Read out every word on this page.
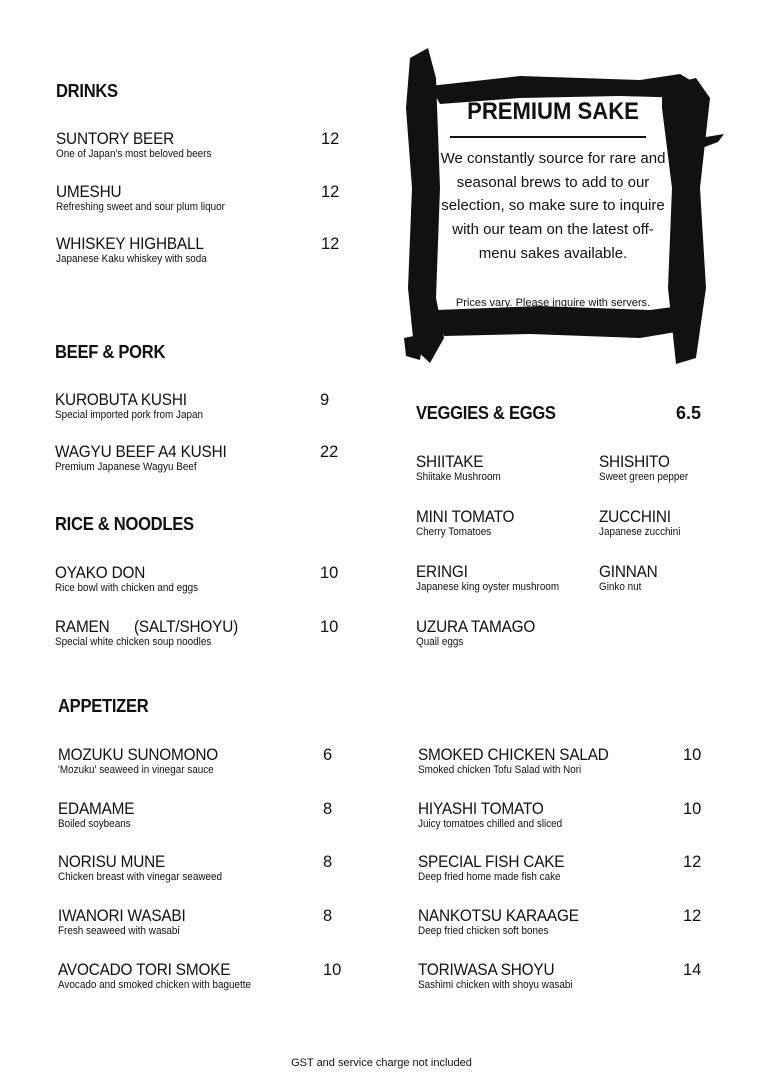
DRINKS
SUNTORY BEER
One of Japan's most beloved beers
12
UMESHU
Refreshing sweet and sour plum liquor
12
WHISKEY HIGHBALL
Japanese Kaku whiskey with soda
12
BEEF & PORK
KUROBUTA KUSHI
Special imported pork from Japan
9
WAGYU BEEF A4 KUSHI
Premium Japanese Wagyu Beef
22
RICE & NOODLES
OYAKO DON
Rice bowl with chicken and eggs
10
RAMEN      (SALT/SHOYU)
Special white chicken soup noodles
10
APPETIZER
MOZUKU SUNOMONO
'Mozuku' seaweed in vinegar sauce
6
EDAMAME
Boiled soybeans
8
NORISU MUNE
Chicken breast with vinegar seaweed
8
IWANORI WASABI
Fresh seaweed with wasabi
8
AVOCADO TORI SMOKE
Avocado and smoked chicken with baguette
10
SMOKED CHICKEN SALAD
Smoked chicken Tofu Salad with Nori
10
HIYASHI TOMATO
Juicy tomatoes chilled and sliced
10
SPECIAL FISH CAKE
Deep fried home made fish cake
12
NANKOTSU KARAAGE
Deep fried chicken soft bones
12
TORIWASA SHOYU
Sashimi chicken with shoyu wasabi
14
VEGGIES & EGGS	6.5
SHIITAKE
Shiitake Mushroom
MINI TOMATO
Cherry Tomatoes
ERINGI
Japanese king oyster mushroom
UZURA TAMAGO
Quail eggs
SHISHITO
Sweet green pepper
ZUCCHINI
Japanese zucchini
GINNAN
Ginko nut
PREMIUM SAKE
We constantly source for rare and seasonal brews to add to our selection, so make sure to inquire with our team on the latest off-menu sakes available.
Prices vary. Please inquire with servers.
GST and service charge not included
